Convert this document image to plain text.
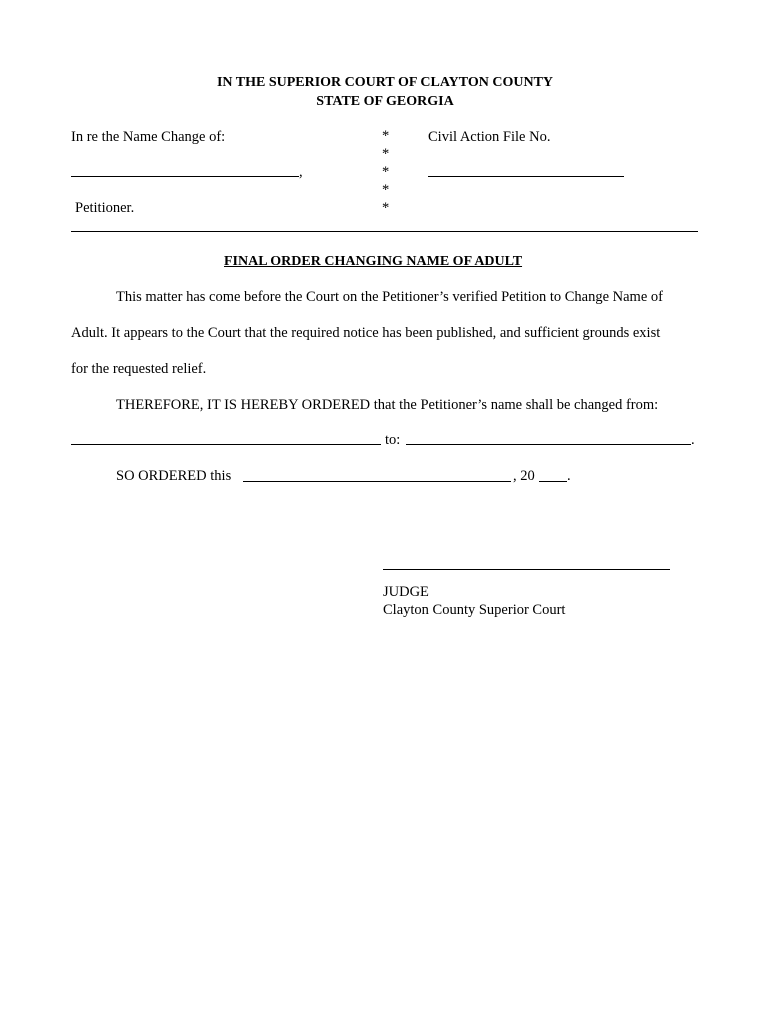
IN THE SUPERIOR COURT OF CLAYTON COUNTY
STATE OF GEORGIA
In re the Name Change of:
,
Petitioner.
*
*
*
*
*
Civil Action File No.
FINAL ORDER CHANGING NAME OF ADULT
This matter has come before the Court on the Petitioner’s verified Petition to Change Name of
Adult. It appears to the Court that the required notice has been published, and sufficient grounds exist
for the requested relief.
THEREFORE, IT IS HEREBY ORDERED that the Petitioner’s name shall be changed from:
to:	.
SO ORDERED this	, 20 .
JUDGE
Clayton County Superior Court
